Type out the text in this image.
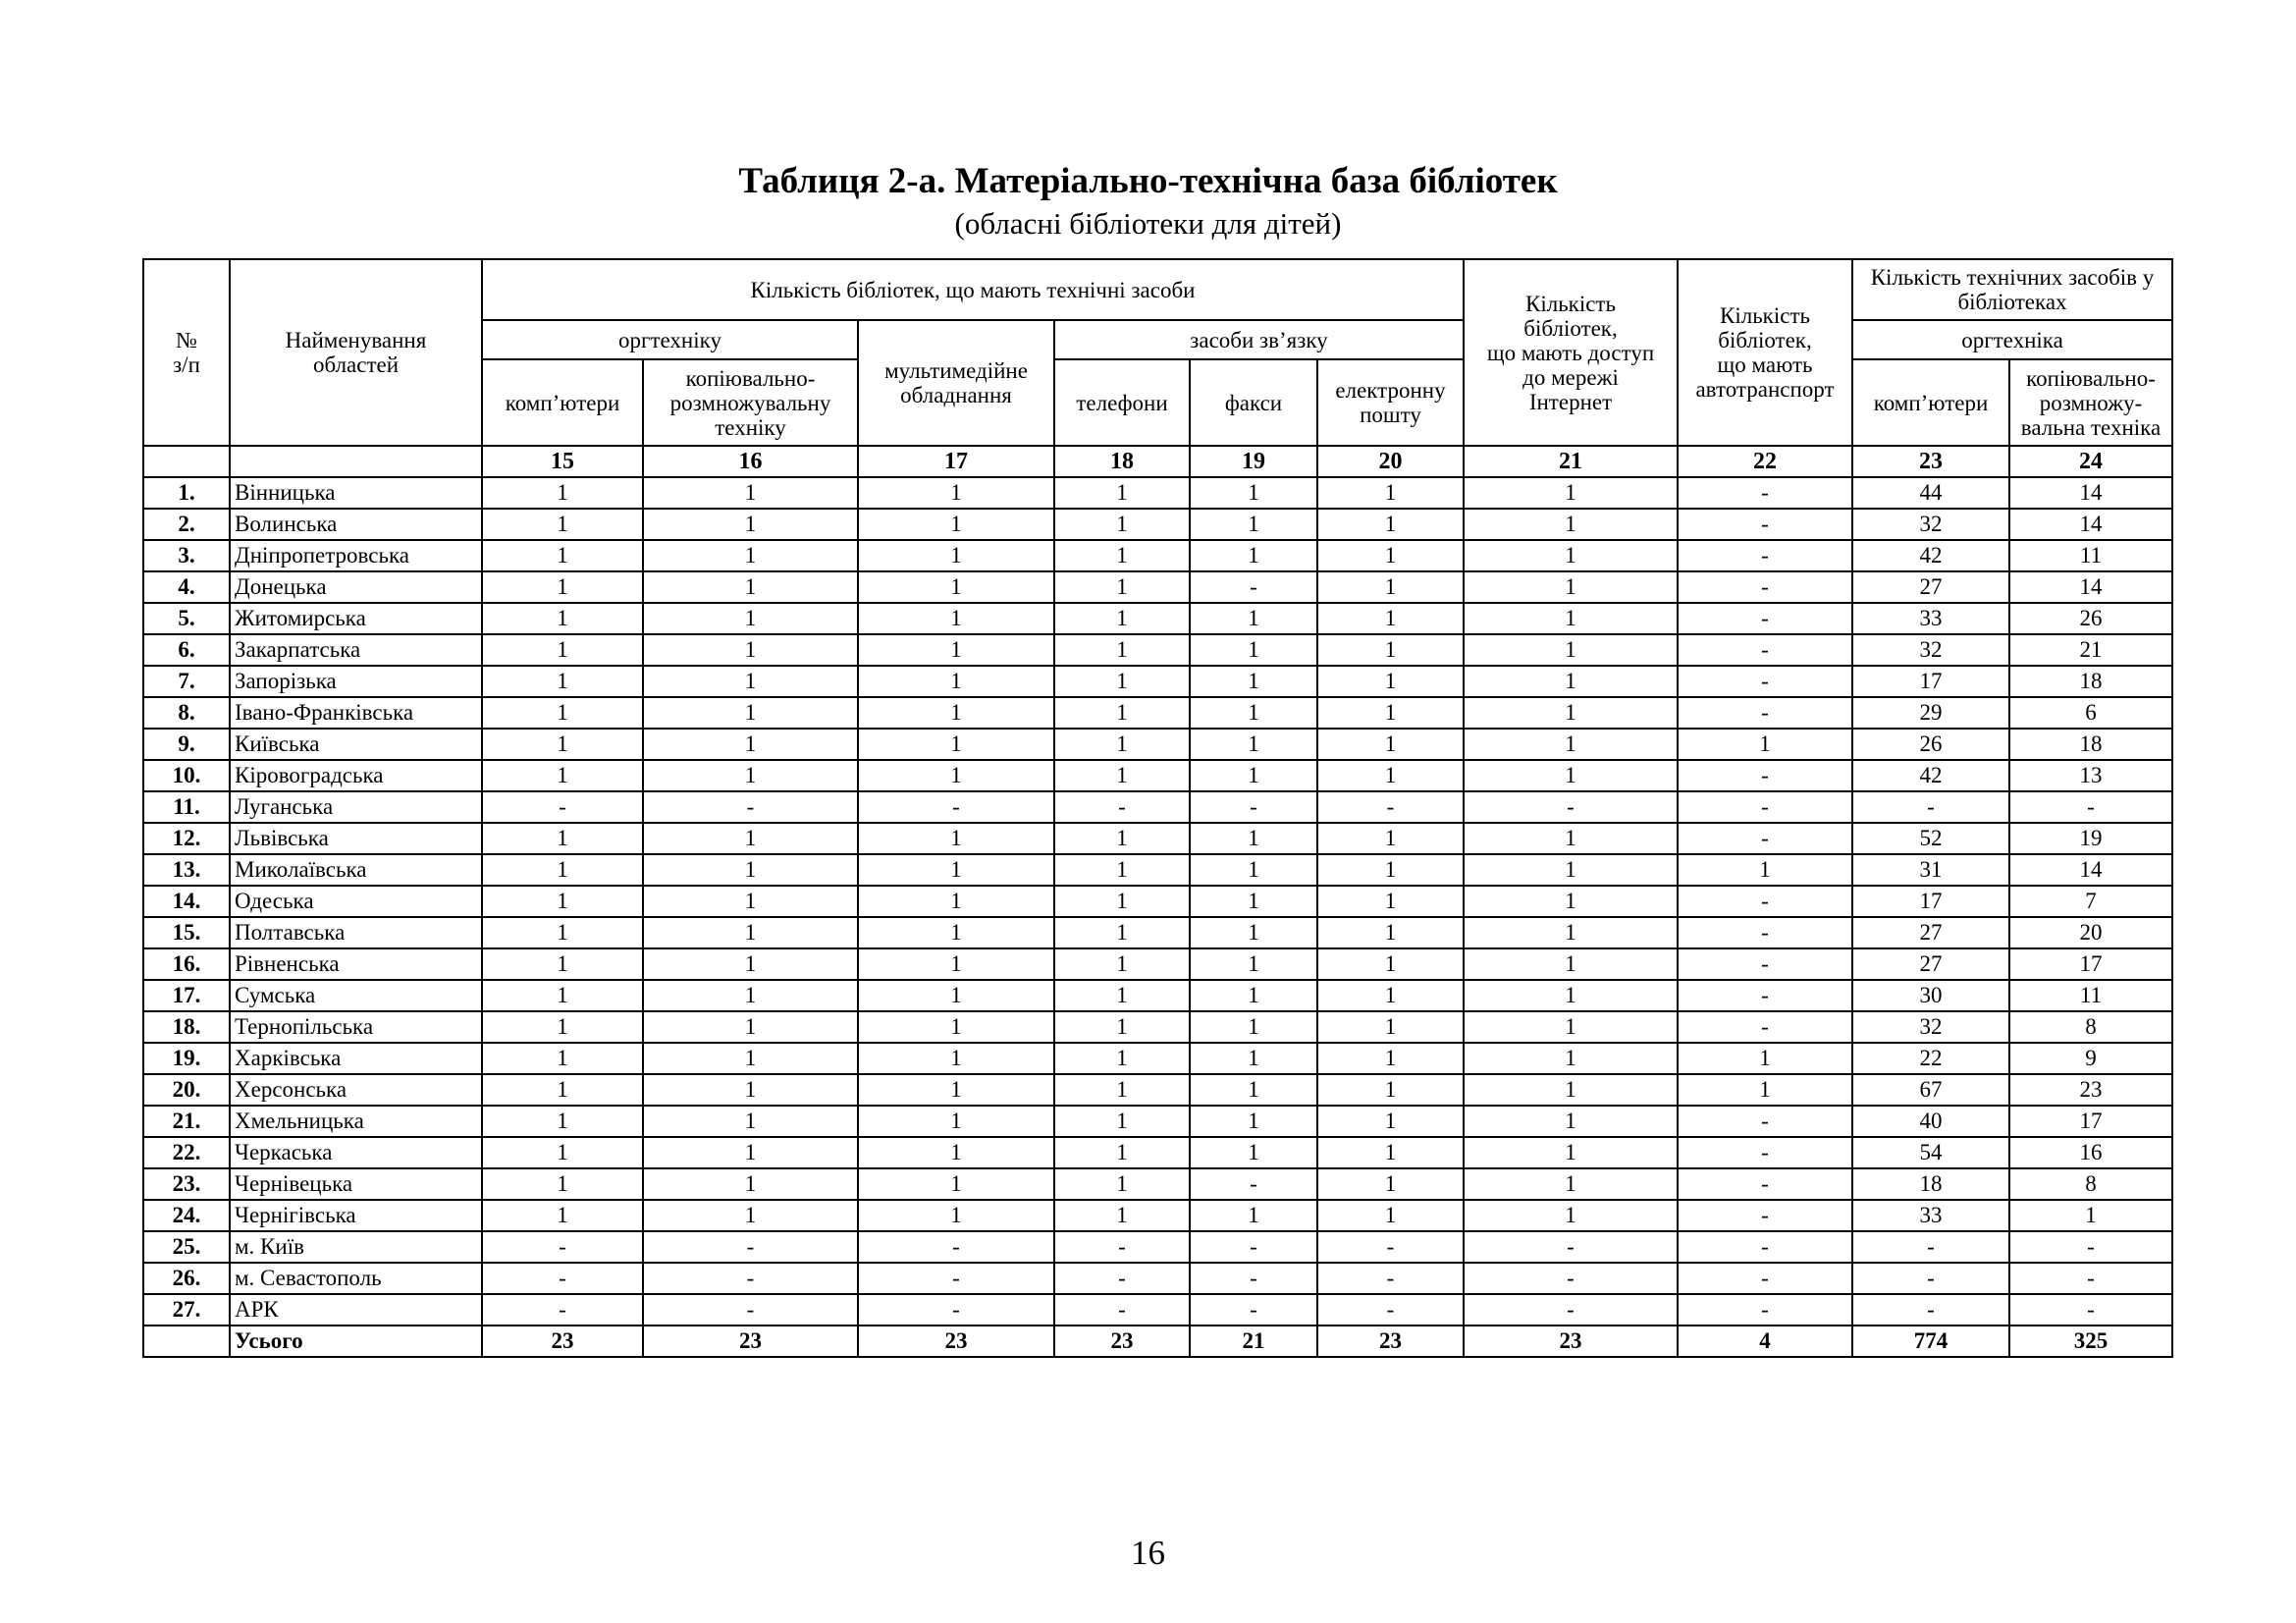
Таблиця 2-а. Матеріально-технічна база бібліотек
(обласні бібліотеки для дітей)
№
з/п	Найменування
областей	Кількість бібліотек, що мають технічні засоби						Кількість
бібліотек,
що мають доступ
до мережі
Інтернет	Кількість
бібліотек,
що мають
автотранспорт	Кількість технічних засобів у
бібліотеках	
		оргтехніку		мультимедійне
обладнання	засоби зв’язку					оргтехніка	
		комп’ютери	копіювально-
розмножувальну
техніку		телефони	факси	електронну
пошту			комп’ютери	копіювально-
розмножу-
вальна техніка
		15	16	17	18	19	20	21	22	23	24
1.	Вінницька	1	1	1	1	1	1	1	-	44	14
2.	Волинська	1	1	1	1	1	1	1	-	32	14
3.	Дніпропетровська	1	1	1	1	1	1	1	-	42	11
4.	Донецька	1	1	1	1	-	1	1	-	27	14
5.	Житомирська	1	1	1	1	1	1	1	-	33	26
6.	Закарпатська	1	1	1	1	1	1	1	-	32	21
7.	Запорізька	1	1	1	1	1	1	1	-	17	18
8.	Івано-Франківська	1	1	1	1	1	1	1	-	29	6
9.	Київська	1	1	1	1	1	1	1	1	26	18
10.	Кіровоградська	1	1	1	1	1	1	1	-	42	13
11.	Луганська	-	-	-	-	-	-	-	-	-	-
12.	Львівська	1	1	1	1	1	1	1	-	52	19
13.	Миколаївська	1	1	1	1	1	1	1	1	31	14
14.	Одеська	1	1	1	1	1	1	1	-	17	7
15.	Полтавська	1	1	1	1	1	1	1	-	27	20
16.	Рівненська	1	1	1	1	1	1	1	-	27	17
17.	Сумська	1	1	1	1	1	1	1	-	30	11
18.	Тернопільська	1	1	1	1	1	1	1	-	32	8
19.	Харківська	1	1	1	1	1	1	1	1	22	9
20.	Херсонська	1	1	1	1	1	1	1	1	67	23
21.	Хмельницька	1	1	1	1	1	1	1	-	40	17
22.	Черкаська	1	1	1	1	1	1	1	-	54	16
23.	Чернівецька	1	1	1	1	-	1	1	-	18	8
24.	Чернігівська	1	1	1	1	1	1	1	-	33	1
25.	м. Київ	-	-	-	-	-	-	-	-	-	-
26.	м. Севастополь	-	-	-	-	-	-	-	-	-	-
27.	АРК	-	-	-	-	-	-	-	-	-	-
	Усього	23	23	23	23	21	23	23	4	774	325
16
